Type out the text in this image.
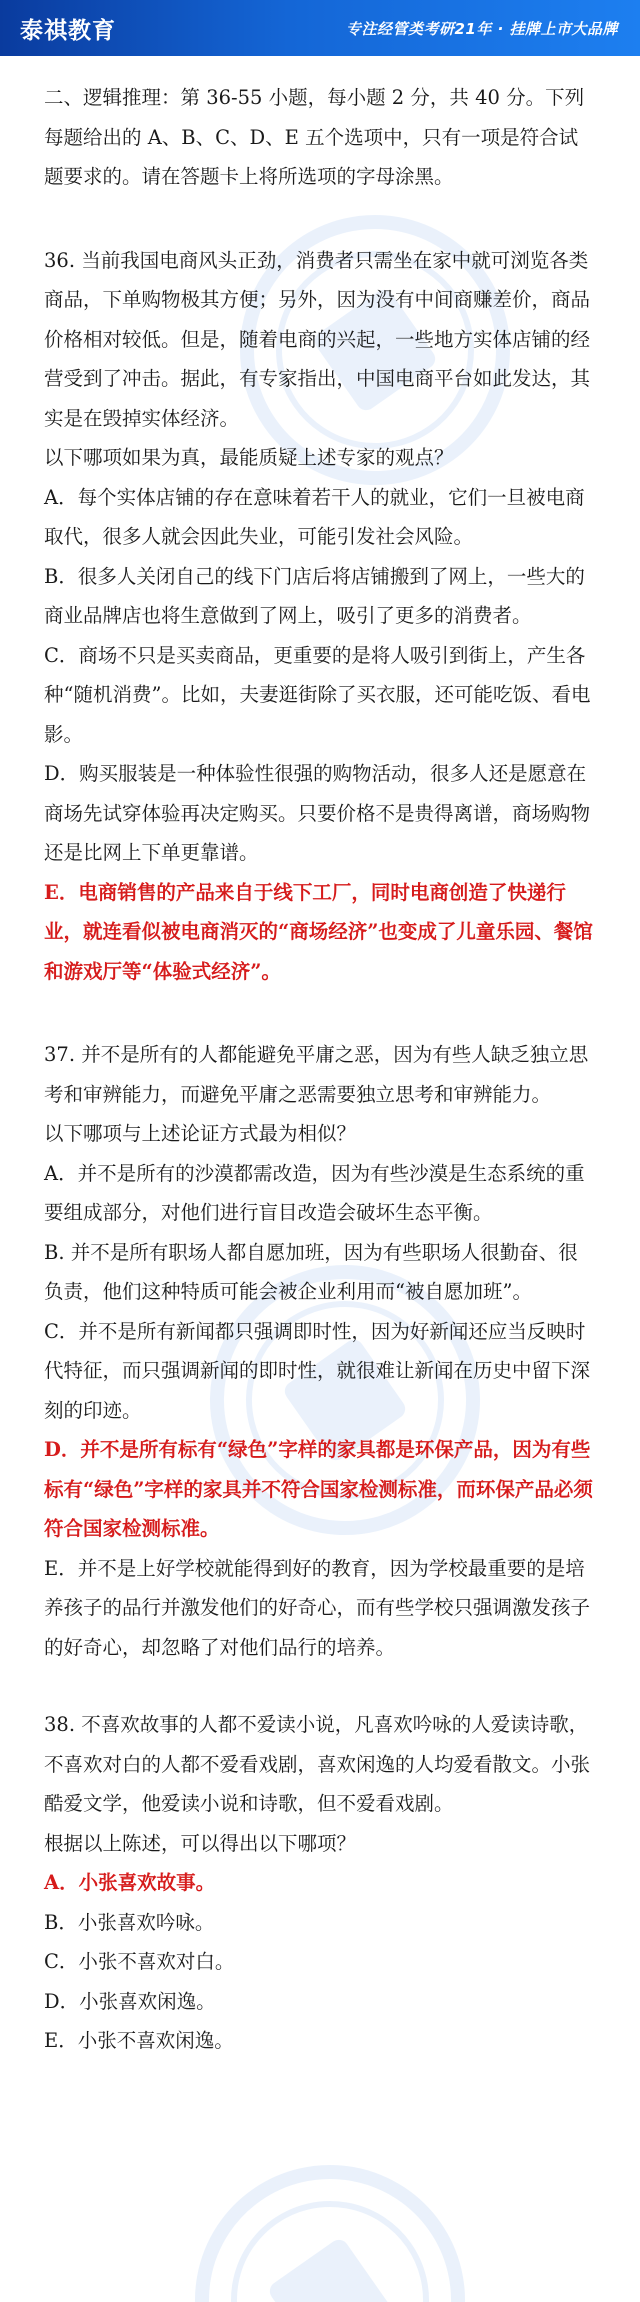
泰祺教育	专注经管类考研21年 · 挂牌上市大品牌

二、逻辑推理：第 36-55 小题，每小题 2 分，共 40 分。下列每题给出的 A、B、C、D、E 五个选项中，只有一项是符合试题要求的。请在答题卡上将所选项的字母涂黑。

36. 当前我国电商风头正劲，消费者只需坐在家中就可浏览各类商品，下单购物极其方便；另外，因为没有中间商赚差价，商品价格相对较低。但是，随着电商的兴起，一些地方实体店铺的经营受到了冲击。据此，有专家指出，中国电商平台如此发达，其实是在毁掉实体经济。

以下哪项如果为真，最能质疑上述专家的观点？

A．每个实体店铺的存在意味着若干人的就业，它们一旦被电商取代，很多人就会因此失业，可能引发社会风险。

B．很多人关闭自己的线下门店后将店铺搬到了网上，一些大的商业品牌店也将生意做到了网上，吸引了更多的消费者。

C．商场不只是买卖商品，更重要的是将人吸引到街上，产生各种“随机消费”。比如，夫妻逛街除了买衣服，还可能吃饭、看电影。

D．购买服装是一种体验性很强的购物活动，很多人还是愿意在商场先试穿体验再决定购买。只要价格不是贵得离谱，商场购物还是比网上下单更靠谱。

E．电商销售的产品来自于线下工厂，同时电商创造了快递行业，就连看似被电商消灭的“商场经济”也变成了儿童乐园、餐馆和游戏厅等“体验式经济”。

37. 并不是所有的人都能避免平庸之恶，因为有些人缺乏独立思考和审辨能力，而避免平庸之恶需要独立思考和审辨能力。

以下哪项与上述论证方式最为相似？

A．并不是所有的沙漠都需改造，因为有些沙漠是生态系统的重要组成部分，对他们进行盲目改造会破坏生态平衡。

B. 并不是所有职场人都自愿加班，因为有些职场人很勤奋、很负责，他们这种特质可能会被企业利用而“被自愿加班”。

C．并不是所有新闻都只强调即时性，因为好新闻还应当反映时代特征，而只强调新闻的即时性，就很难让新闻在历史中留下深刻的印迹。

D．并不是所有标有“绿色”字样的家具都是环保产品，因为有些标有“绿色”字样的家具并不符合国家检测标准，而环保产品必须符合国家检测标准。

E．并不是上好学校就能得到好的教育，因为学校最重要的是培养孩子的品行并激发他们的好奇心，而有些学校只强调激发孩子的好奇心，却忽略了对他们品行的培养。

38. 不喜欢故事的人都不爱读小说，凡喜欢吟咏的人爱读诗歌，不喜欢对白的人都不爱看戏剧，喜欢闲逸的人均爱看散文。小张酷爱文学，他爱读小说和诗歌，但不爱看戏剧。

根据以上陈述，可以得出以下哪项？

A．小张喜欢故事。

B．小张喜欢吟咏。

C．小张不喜欢对白。

D．小张喜欢闲逸。

E．小张不喜欢闲逸。
